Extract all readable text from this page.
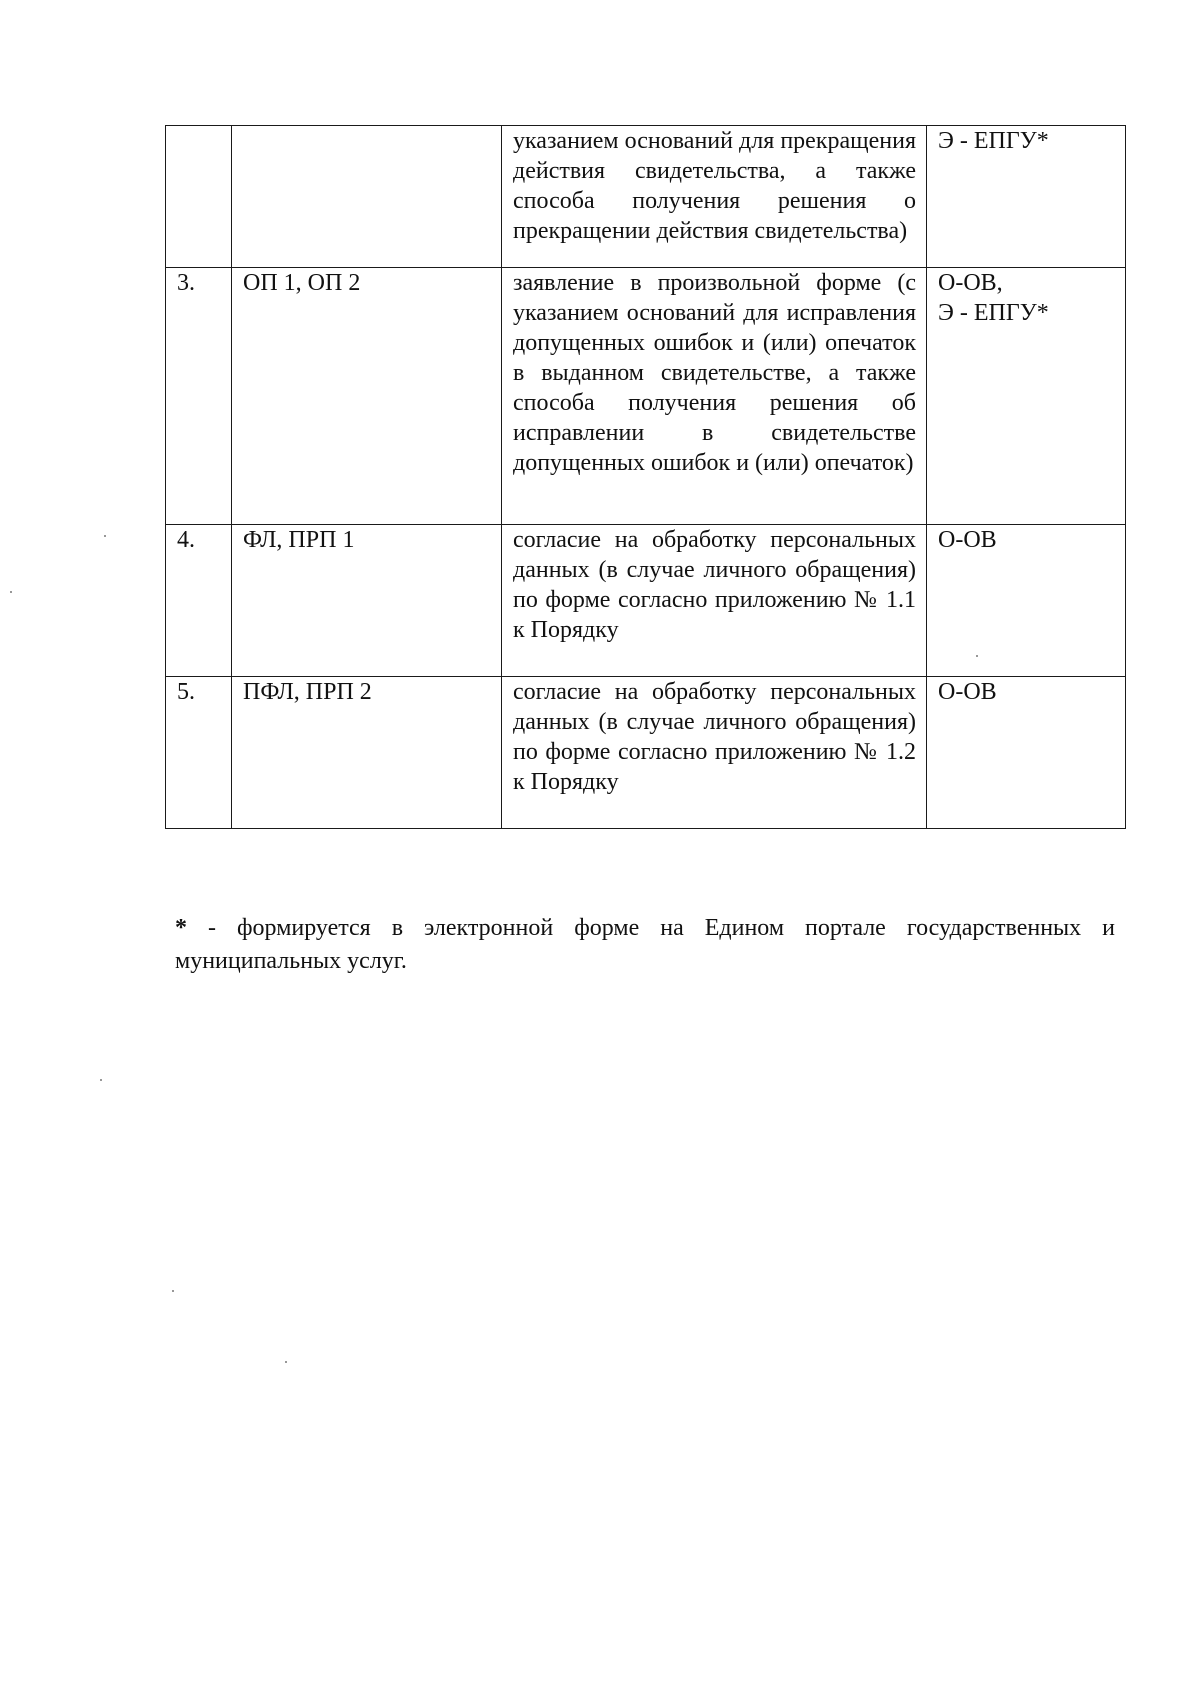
		указанием оснований для прекращения действия свидетельства, а также способа получения решения о прекращении действия свидетельства)	Э - ЕПГУ*

3.	ОП 1, ОП 2	заявление в произвольной форме (с указанием оснований для исправления допущенных ошибок и (или) опечаток в выданном свидетельстве, а также способа получения решения об исправлении в свидетельстве допущенных ошибок и (или) опечаток)	О-ОВ,
Э - ЕПГУ*

4.	ФЛ, ПРП 1	согласие на обработку персональных данных (в случае личного обращения) по форме согласно приложению № 1.1 к Порядку	О-ОВ

5.	ПФЛ, ПРП 2	согласие на обработку персональных данных (в случае личного обращения) по форме согласно приложению № 1.2 к Порядку	О-ОВ
* - формируется в электронной форме на Едином портале государственных и муниципальных услуг.
